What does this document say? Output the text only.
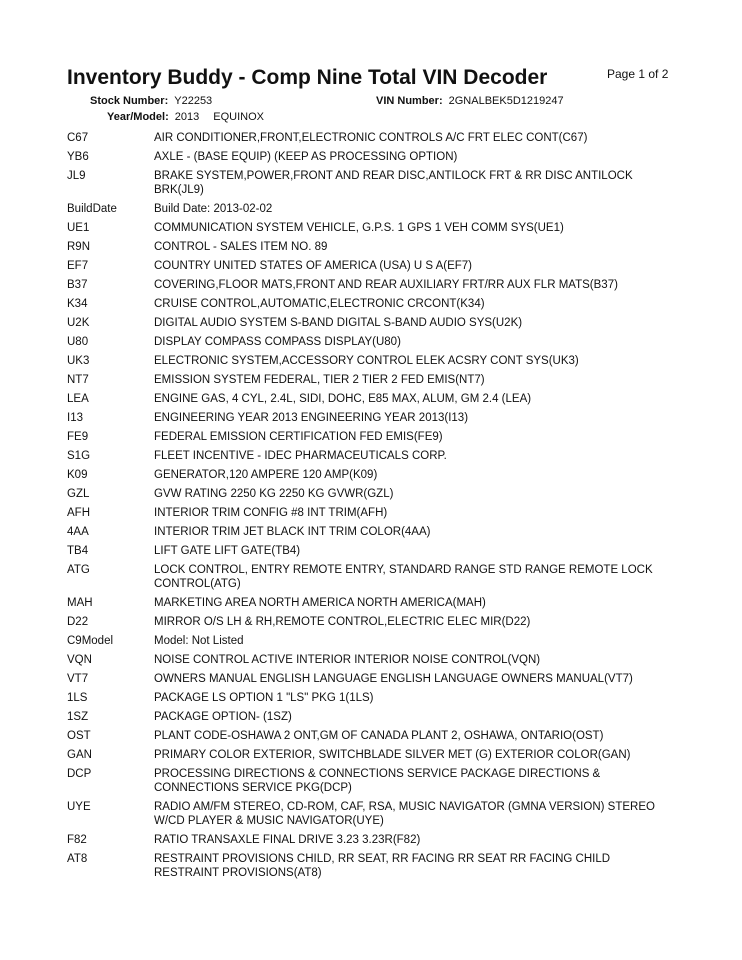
Inventory Buddy - Comp Nine Total VIN Decoder	Page 1 of 2
Stock Number: Y22253	VIN Number: 2GNALBEK5D1219247
Year/Model: 2013 EQUINOX
C67	AIR CONDITIONER,FRONT,ELECTRONIC CONTROLS A/C FRT ELEC CONT(C67)
YB6	AXLE - (BASE EQUIP) (KEEP AS PROCESSING OPTION)
JL9	BRAKE SYSTEM,POWER,FRONT AND REAR DISC,ANTILOCK FRT & RR DISC ANTILOCK BRK(JL9)
BuildDate	Build Date: 2013-02-02
UE1	COMMUNICATION SYSTEM VEHICLE, G.P.S. 1 GPS 1 VEH COMM SYS(UE1)
R9N	CONTROL - SALES ITEM NO. 89
EF7	COUNTRY UNITED STATES OF AMERICA (USA) U S A(EF7)
B37	COVERING,FLOOR MATS,FRONT AND REAR AUXILIARY FRT/RR AUX FLR MATS(B37)
K34	CRUISE CONTROL,AUTOMATIC,ELECTRONIC CRCONT(K34)
U2K	DIGITAL AUDIO SYSTEM S-BAND DIGITAL S-BAND AUDIO SYS(U2K)
U80	DISPLAY COMPASS COMPASS DISPLAY(U80)
UK3	ELECTRONIC SYSTEM,ACCESSORY CONTROL ELEK ACSRY CONT SYS(UK3)
NT7	EMISSION SYSTEM FEDERAL, TIER 2 TIER 2 FED EMIS(NT7)
LEA	ENGINE GAS, 4 CYL, 2.4L, SIDI, DOHC, E85 MAX, ALUM, GM 2.4 (LEA)
I13	ENGINEERING YEAR 2013 ENGINEERING YEAR 2013(I13)
FE9	FEDERAL EMISSION CERTIFICATION FED EMIS(FE9)
S1G	FLEET INCENTIVE - IDEC PHARMACEUTICALS CORP.
K09	GENERATOR,120 AMPERE 120 AMP(K09)
GZL	GVW RATING 2250 KG 2250 KG GVWR(GZL)
AFH	INTERIOR TRIM CONFIG #8 INT TRIM(AFH)
4AA	INTERIOR TRIM JET BLACK INT TRIM COLOR(4AA)
TB4	LIFT GATE LIFT GATE(TB4)
ATG	LOCK CONTROL, ENTRY REMOTE ENTRY, STANDARD RANGE STD RANGE REMOTE LOCK CONTROL(ATG)
MAH	MARKETING AREA NORTH AMERICA NORTH AMERICA(MAH)
D22	MIRROR O/S LH & RH,REMOTE CONTROL,ELECTRIC ELEC MIR(D22)
C9Model	Model: Not Listed
VQN	NOISE CONTROL ACTIVE INTERIOR INTERIOR NOISE CONTROL(VQN)
VT7	OWNERS MANUAL ENGLISH LANGUAGE ENGLISH LANGUAGE OWNERS MANUAL(VT7)
1LS	PACKAGE LS OPTION 1 "LS" PKG 1(1LS)
1SZ	PACKAGE OPTION- (1SZ)
OST	PLANT CODE-OSHAWA 2 ONT,GM OF CANADA PLANT 2, OSHAWA, ONTARIO(OST)
GAN	PRIMARY COLOR EXTERIOR, SWITCHBLADE SILVER MET (G) EXTERIOR COLOR(GAN)
DCP	PROCESSING DIRECTIONS & CONNECTIONS SERVICE PACKAGE DIRECTIONS & CONNECTIONS SERVICE PKG(DCP)
UYE	RADIO AM/FM STEREO, CD-ROM, CAF, RSA, MUSIC NAVIGATOR (GMNA VERSION) STEREO W/CD PLAYER & MUSIC NAVIGATOR(UYE)
F82	RATIO TRANSAXLE FINAL DRIVE 3.23 3.23R(F82)
AT8	RESTRAINT PROVISIONS CHILD, RR SEAT, RR FACING RR SEAT RR FACING CHILD RESTRAINT PROVISIONS(AT8)
